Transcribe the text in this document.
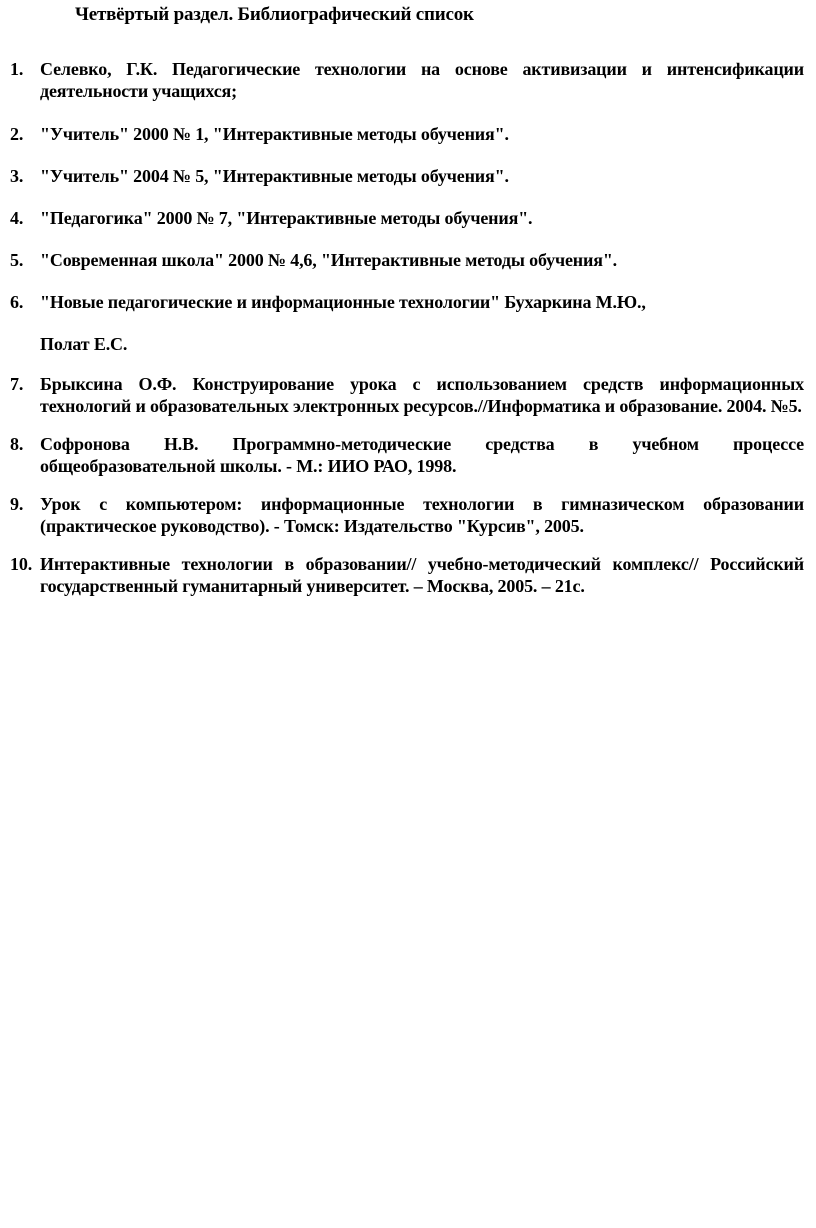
Четвёртый раздел. Библиографический список
1. Селевко, Г.К. Педагогические технологии на основе активизации и интенсификации деятельности учащихся;
2. "Учитель" 2000 № 1, "Интерактивные методы обучения".
3. "Учитель" 2004 № 5, "Интерактивные методы обучения".
4. "Педагогика" 2000 № 7, "Интерактивные методы обучения".
5. "Современная школа" 2000 № 4,6, "Интерактивные методы обучения".
6. "Новые педагогические и информационные технологии" Бухаркина М.Ю.,
Полат Е.С.
7. Брыксина О.Ф. Конструирование урока с использованием средств информационных технологий и образовательных электронных ресурсов.//Информатика и образование. 2004. №5.
8. Софронова Н.В. Программно-методические средства в учебном процессе общеобразовательной школы. - М.: ИИО РАО, 1998.
9. Урок с компьютером: информационные технологии в гимназическом образовании (практическое руководство). - Томск: Издательство "Курсив", 2005.
10. Интерактивные технологии в образовании// учебно-методический комплекс// Российский государственный гуманитарный университет. – Москва, 2005. – 21с.
